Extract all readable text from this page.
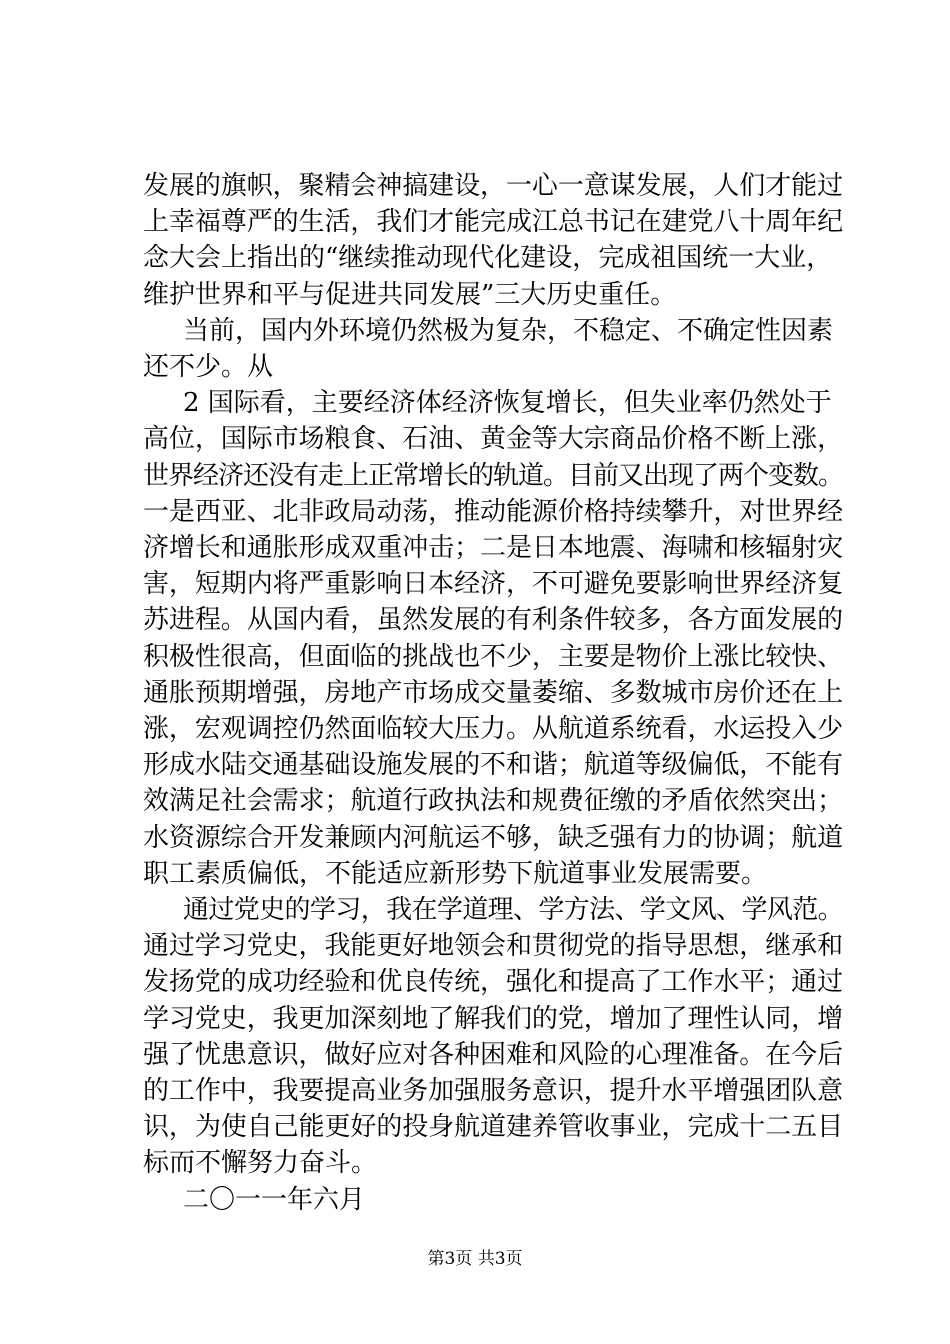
发展的旗帜，聚精会神搞建设，一心一意谋发展，人们才能过
上幸福尊严的生活，我们才能完成江总书记在建党八十周年纪
念大会上指出的“继续推动现代化建设，完成祖国统一大业，
维护世界和平与促进共同发展”三大历史重任。
当前，国内外环境仍然极为复杂，不稳定、不确定性因素
还不少。从
2 国际看，主要经济体经济恢复增长，但失业率仍然处于
高位，国际市场粮食、石油、黄金等大宗商品价格不断上涨，
世界经济还没有走上正常增长的轨道。目前又出现了两个变数。
一是西亚、北非政局动荡，推动能源价格持续攀升，对世界经
济增长和通胀形成双重冲击；二是日本地震、海啸和核辐射灾
害，短期内将严重影响日本经济，不可避免要影响世界经济复
苏进程。从国内看，虽然发展的有利条件较多，各方面发展的
积极性很高，但面临的挑战也不少，主要是物价上涨比较快、
通胀预期增强，房地产市场成交量萎缩、多数城市房价还在上
涨，宏观调控仍然面临较大压力。从航道系统看，水运投入少
形成水陆交通基础设施发展的不和谐；航道等级偏低，不能有
效满足社会需求；航道行政执法和规费征缴的矛盾依然突出；
水资源综合开发兼顾内河航运不够，缺乏强有力的协调；航道
职工素质偏低，不能适应新形势下航道事业发展需要。
通过党史的学习，我在学道理、学方法、学文风、学风范。
通过学习党史，我能更好地领会和贯彻党的指导思想，继承和
发扬党的成功经验和优良传统，强化和提高了工作水平；通过
学习党史，我更加深刻地了解我们的党，增加了理性认同，增
强了忧患意识，做好应对各种困难和风险的心理准备。在今后
的工作中，我要提高业务加强服务意识，提升水平增强团队意
识，为使自己能更好的投身航道建养管收事业，完成十二五目
标而不懈努力奋斗。
二〇一一年六月
第3页 共3页
